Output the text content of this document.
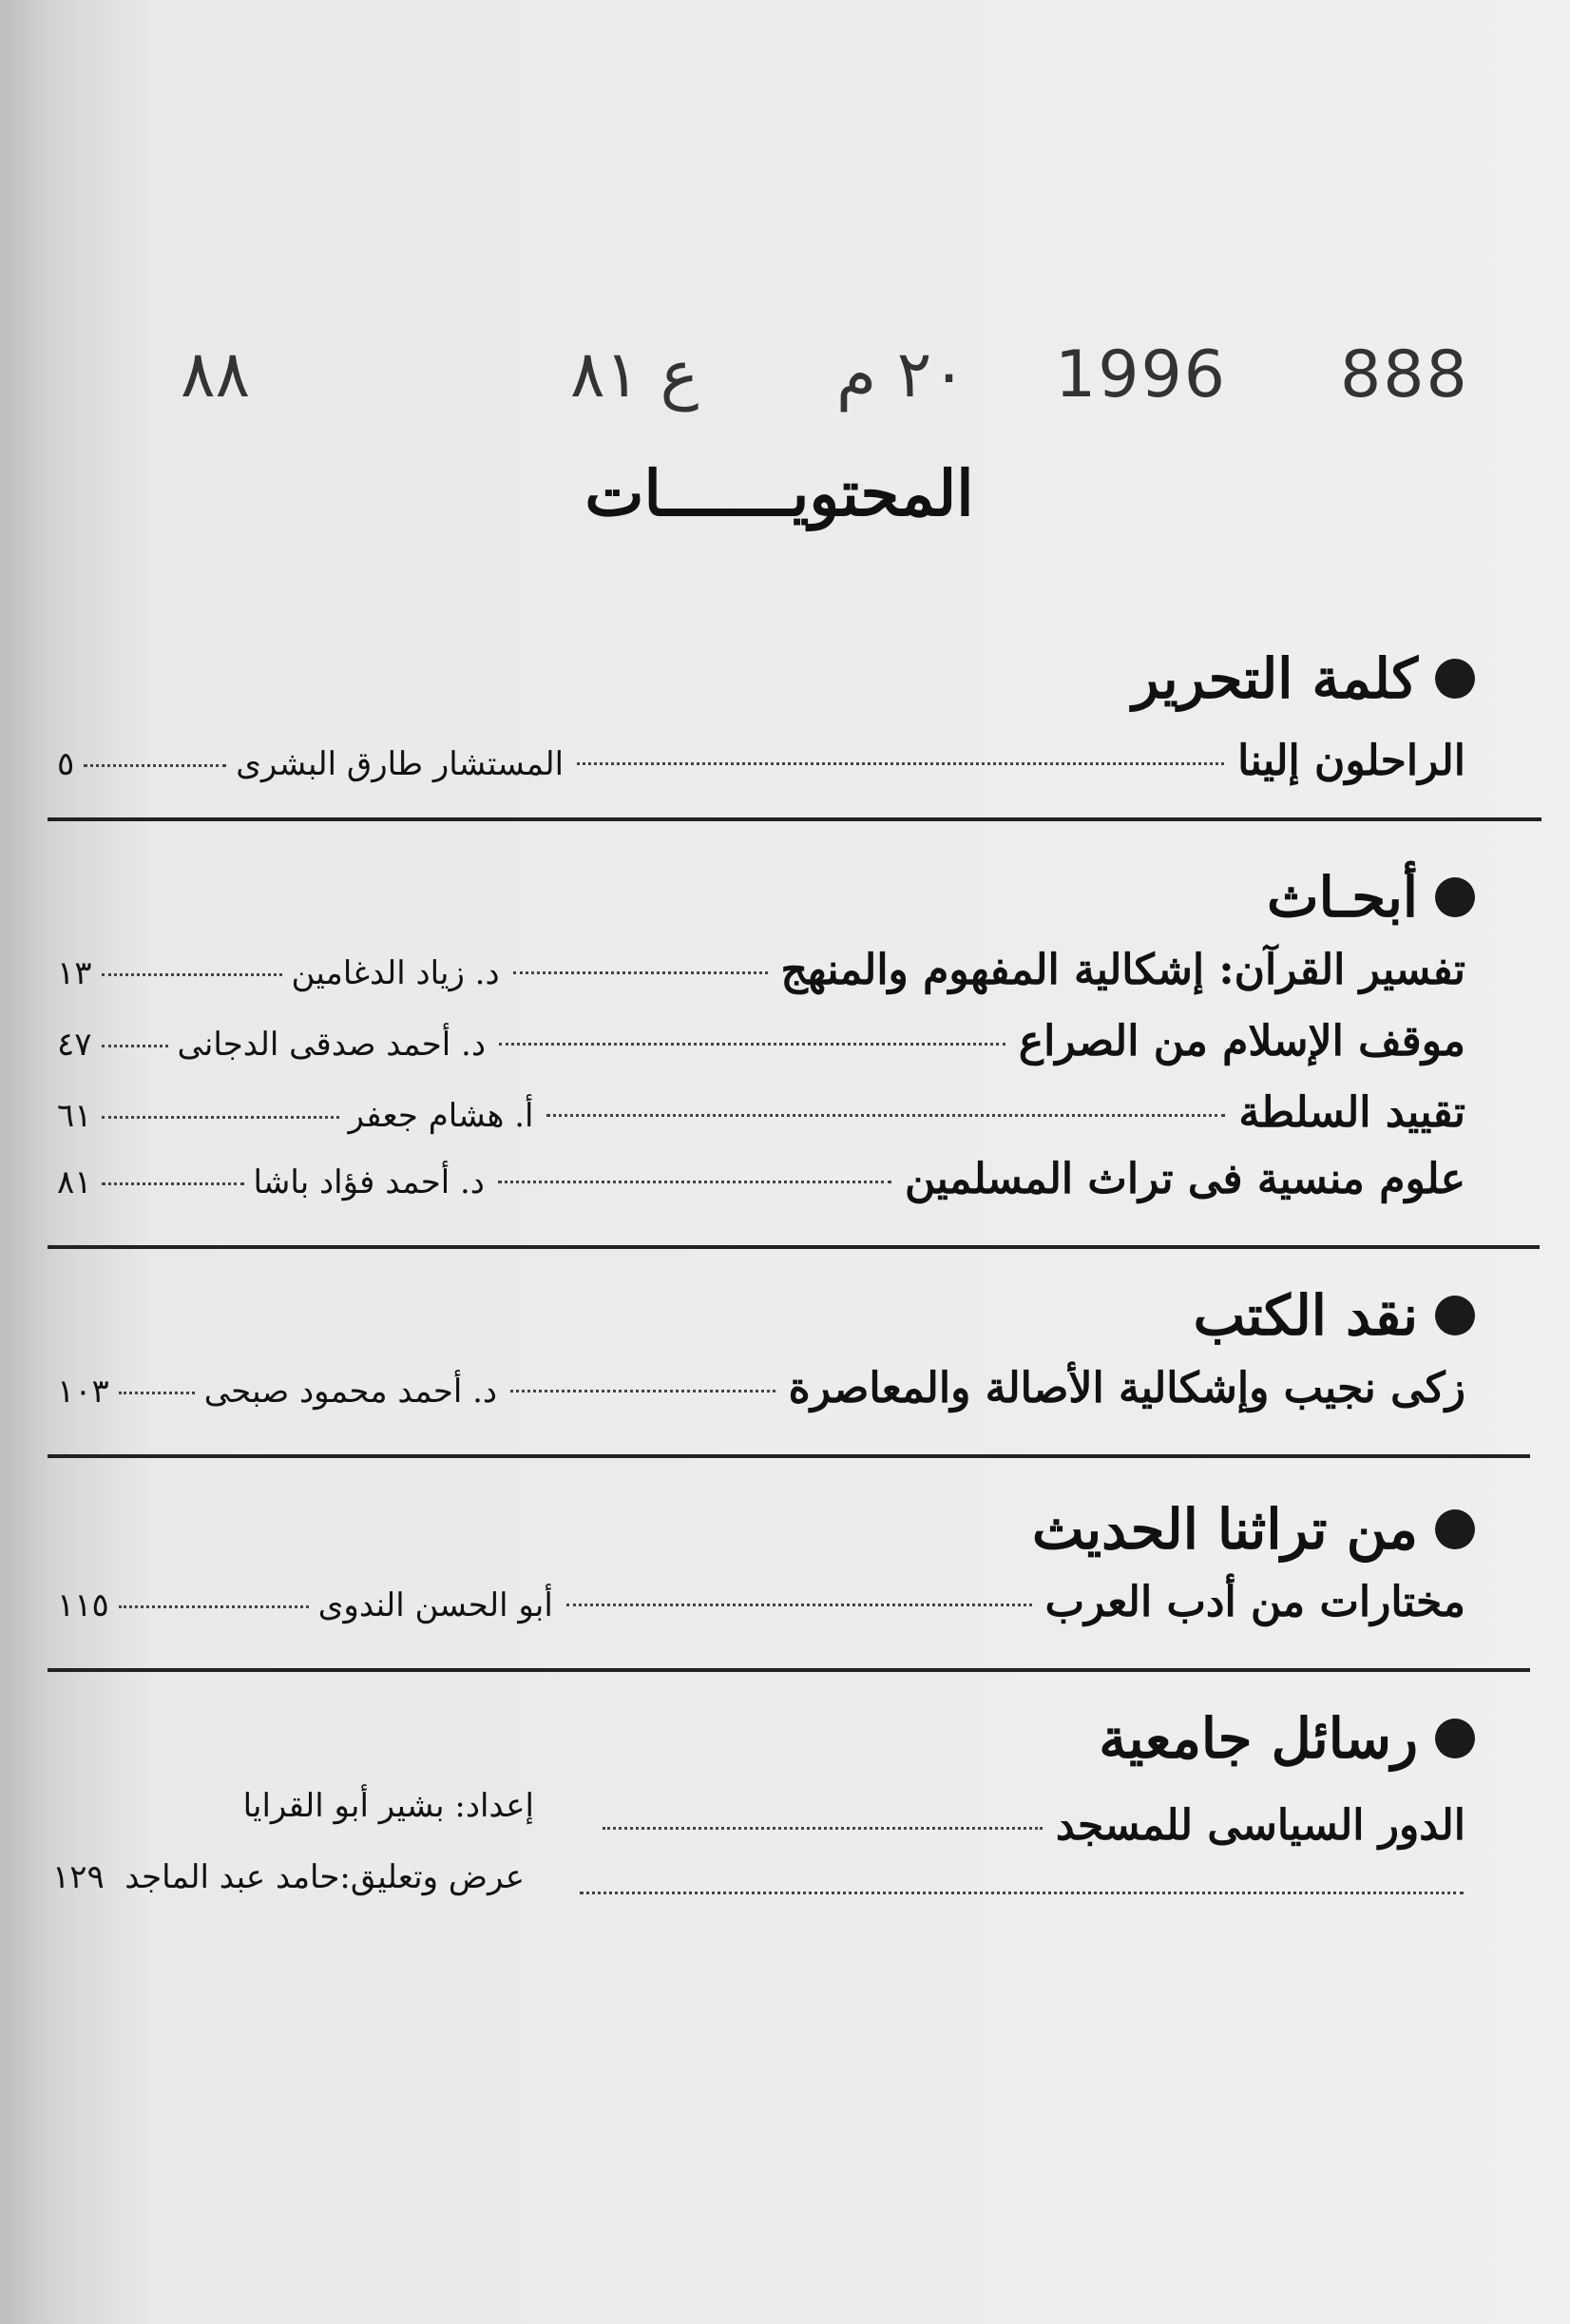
888
1996
٢٠ م
ع ٨١
٨٨
المحتويـــــــات
كلمة التحرير
الراحلون إلينا
المستشار طارق البشرى
٥
أبحـاث
تفسير القرآن: إشكالية المفهوم والمنهج
د. زياد الدغامين
١٣
موقف الإسلام من الصراع
د. أحمد صدقى الدجانى
٤٧
تقييد السلطة
أ. هشام جعفر
٦١
علوم منسية فى تراث المسلمين
د. أحمد فؤاد باشا
٨١
نقد الكتب
زكى نجيب وإشكالية الأصالة والمعاصرة
د. أحمد محمود صبحى
١٠٣
من تراثنا الحديث
مختارات من أدب العرب
أبو الحسن الندوى
١١٥
رسائل جامعية
إعداد: بشير أبو القرايا	الدور السياسى للمسجد
عرض وتعليق:حامد عبد الماجد
١٢٩
